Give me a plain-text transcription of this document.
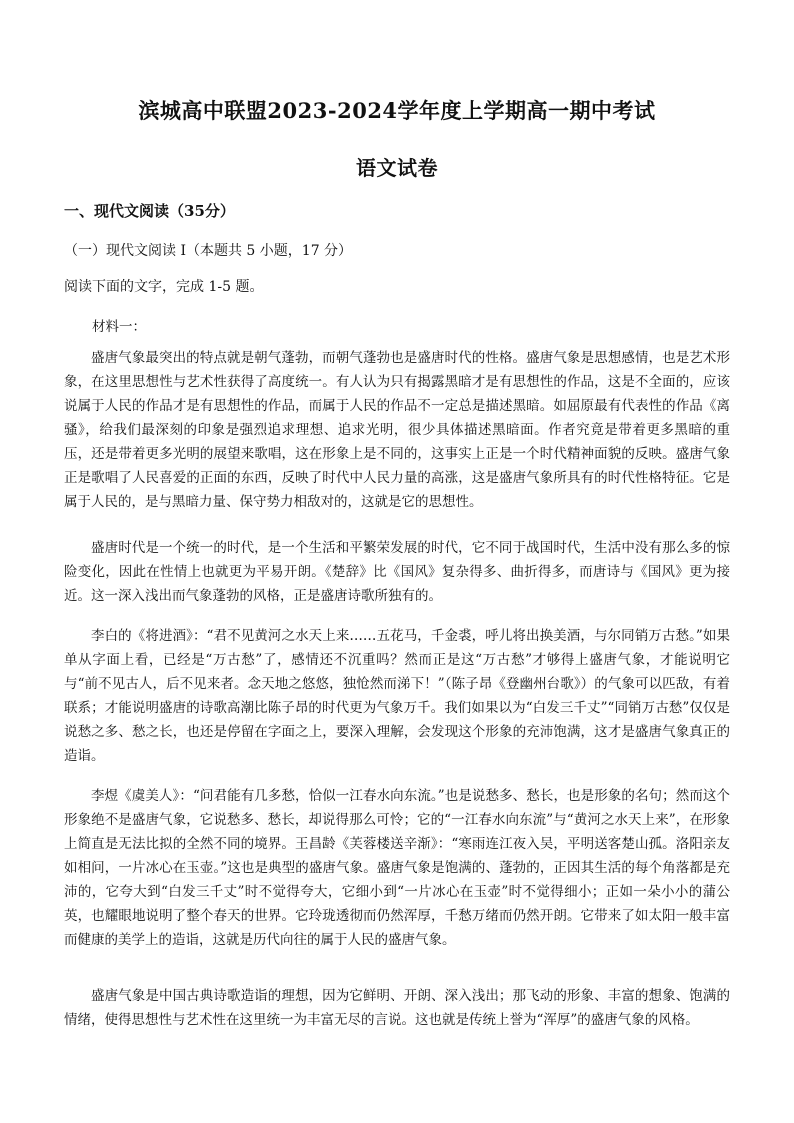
滨城高中联盟2023-2024学年度上学期高一期中考试
语文试卷
一、现代文阅读（35分）
（一）现代文阅读 I（本题共 5 小题，17 分）
阅读下面的文字，完成 1-5 题。
材料一：

盛唐气象最突出的特点就是朝气蓬勃，而朝气蓬勃也是盛唐时代的性格。盛唐气象是思想感情，也是艺术形象，在这里思想性与艺术性获得了高度统一。有人认为只有揭露黑暗才是有思想性的作品，这是不全面的，应该说属于人民的作品才是有思想性的作品，而属于人民的作品不一定总是描述黑暗。如屈原最有代表性的作品《离骚》，给我们最深刻的印象是强烈追求理想、追求光明，很少具体描述黑暗面。作者究竟是带着更多黑暗的重压，还是带着更多光明的展望来歌唱，这在形象上是不同的，这事实上正是一个时代精神面貌的反映。盛唐气象正是歌唱了人民喜爱的正面的东西，反映了时代中人民力量的高涨，这是盛唐气象所具有的时代性格特征。它是属于人民的，是与黑暗力量、保守势力相敌对的，这就是它的思想性。

盛唐时代是一个统一的时代，是一个生活和平繁荣发展的时代，它不同于战国时代，生活中没有那么多的惊险变化，因此在性情上也就更为平易开朗。《楚辞》比《国风》复杂得多、曲折得多，而唐诗与《国风》更为接近。这一深入浅出而气象蓬勃的风格，正是盛唐诗歌所独有的。

李白的《将进酒》：“君不见黄河之水天上来……五花马，千金裘，呼儿将出换美酒，与尔同销万古愁。”如果单从字面上看，已经是“万古愁”了，感情还不沉重吗？然而正是这“万古愁”才够得上盛唐气象，才能说明它与“前不见古人，后不见来者。念天地之悠悠，独怆然而涕下！”（陈子昂《登幽州台歌》）的气象可以匹敌，有着联系；才能说明盛唐的诗歌高潮比陈子昂的时代更为气象万千。我们如果以为“白发三千丈”“同销万古愁”仅仅是说愁之多、愁之长，也还是停留在字面之上，要深入理解，会发现这个形象的充沛饱满，这才是盛唐气象真正的造诣。

李煜《虞美人》：“问君能有几多愁，恰似一江春水向东流。”也是说愁多、愁长，也是形象的名句；然而这个形象绝不是盛唐气象，它说愁多、愁长，却说得那么可怜；它的“一江春水向东流”与“黄河之水天上来”，在形象上简直是无法比拟的全然不同的境界。王昌龄《芙蓉楼送辛渐》：“寒雨连江夜入吴，平明送客楚山孤。洛阳亲友如相问，一片冰心在玉壶。”这也是典型的盛唐气象。盛唐气象是饱满的、蓬勃的，正因其生活的每个角落都是充沛的，它夸大到“白发三千丈”时不觉得夸大，它细小到“一片冰心在玉壶”时不觉得细小；正如一朵小小的蒲公英，也耀眼地说明了整个春天的世界。它玲珑透彻而仍然浑厚，千愁万绪而仍然开朗。它带来了如太阳一般丰富而健康的美学上的造诣，这就是历代向往的属于人民的盛唐气象。

盛唐气象是中国古典诗歌造诣的理想，因为它鲜明、开朗、深入浅出；那飞动的形象、丰富的想象、饱满的情绪，使得思想性与艺术性在这里统一为丰富无尽的言说。这也就是传统上誉为“浑厚”的盛唐气象的风格。
